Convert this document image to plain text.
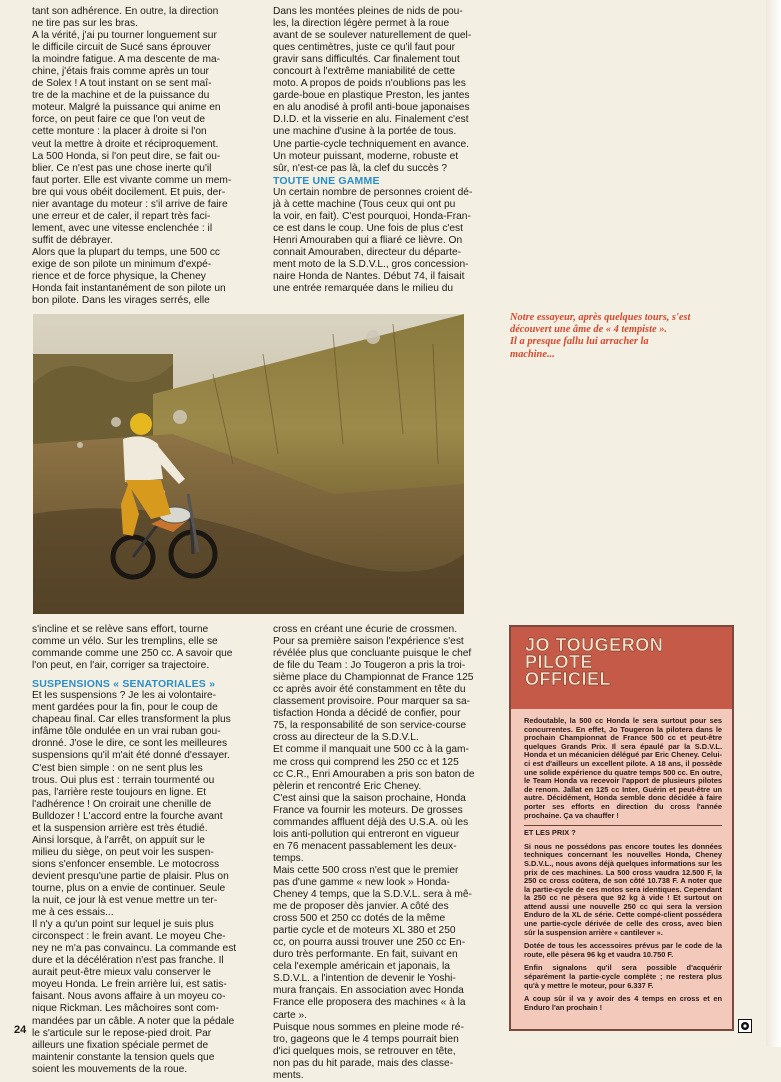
tant son adhérence. En outre, la direction
ne tire pas sur les bras.

A la vérité, j'ai pu tourner longuement sur
le difficile circuit de Sucé sans éprouver
la moindre fatigue. A ma descente de ma-
chine, j'étais frais comme après un tour
de Solex ! A tout instant on se sent maî-
tre de la machine et de la puissance du
moteur. Malgré la puissance qui anime en
force, on peut faire ce que l'on veut de
cette monture : la placer à droite si l'on
veut la mettre à droite et réciproquement.
La 500 Honda, si l'on peut dire, se fait ou-
blier. Ce n'est pas une chose inerte qu'il
faut porter. Elle est vivante comme un mem-
bre qui vous obéit docilement. Et puis, der-
nier avantage du moteur : s'il arrive de faire
une erreur et de caler, il repart très faci-
lement, avec une vitesse enclenchée : il
suffit de débrayer.

Alors que la plupart du temps, une 500 cc
exige de son pilote un minimum d'expé-
rience et de force physique, la Cheney
Honda fait instantanément de son pilote un
bon pilote. Dans les virages serrés, elle

Dans les montées pleines de nids de pou-
les, la direction légère permet à la roue
avant de se soulever naturellement de quel-
ques centimètres, juste ce qu'il faut pour
gravir sans difficultés. Car finalement tout
concourt à l'extrême maniabilité de cette
moto. A propos de poids n'oublions pas les
garde-boue en plastique Preston, les jantes
en alu anodisé à profil anti-boue japonaises
D.I.D. et la visserie en alu. Finalement c'est
une machine d'usine à la portée de tous.
Une partie-cycle techniquement en avance.
Un moteur puissant, moderne, robuste et
sûr, n'est-ce pas là, la clef du succès ?

TOUTE UNE GAMME

Un certain nombre de personnes croient dé-
jà à cette machine (Tous ceux qui ont pu
la voir, en fait). C'est pourquoi, Honda-Fran-
ce est dans le coup. Une fois de plus c'est
Henri Amouraben qui a fliaré ce lièvre. On
connait Amouraben, directeur du départe-
ment moto de la S.D.V.L., gros concession-
naire Honda de Nantes. Début 74, il faisait
une entrée remarquée dans le milieu du

Notre essayeur, après quelques tours, s'est
découvert une âme de « 4 tempiste ».
Il a presque fallu lui arracher la
machine...

s'incline et se relève sans effort, tourne
comme un vélo. Sur les tremplins, elle se
commande comme une 250 cc. A savoir que
l'on peut, en l'air, corriger sa trajectoire.

SUSPENSIONS « SENATORIALES »

Et les suspensions ? Je les ai volontaire-
ment gardées pour la fin, pour le coup de
chapeau final. Car elles transforment la plus
infâme tôle ondulée en un vrai ruban gou-
dronné. J'ose le dire, ce sont les meilleures
suspensions qu'il m'ait été donné d'essayer.
C'est bien simple : on ne sent plus les
trous. Oui plus est : terrain tourmenté ou
pas, l'arrière reste toujours en ligne. Et
l'adhérence ! On croirait une chenille de
Bulldozer ! L'accord entre la fourche avant
et la suspension arrière est très étudié.
Ainsi lorsque, à l'arrêt, on appuit sur le
milieu du siège, on peut voir les suspen-
sions s'enfoncer ensemble. Le motocross
devient presqu'une partie de plaisir. Plus on
tourne, plus on a envie de continuer. Seule
la nuit, ce jour là est venue mettre un ter-
me à ces essais...

Il n'y a qu'un point sur lequel je suis plus
circonspect : le frein avant. Le moyeu Che-
ney ne m'a pas convaincu. La commande est
dure et la décélération n'est pas franche. Il
aurait peut-être mieux valu conserver le
moyeu Honda. Le frein arrière lui, est satis-
faisant. Nous avons affaire à un moyeu co-
nique Rickman. Les mâchoires sont com-
mandées par un câble. A noter que la pédale
le s'articule sur le repose-pied droit. Par
ailleurs une fixation spéciale permet de
maintenir constante la tension quels que
soient les mouvements de la roue.

cross en créant une écurie de crossmen.
Pour sa première saison l'expérience s'est
révélée plus que concluante puisque le chef
de file du Team : Jo Tougeron a pris la troi-
sième place du Championnat de France 125
cc après avoir été constamment en tête du
classement provisoire. Pour marquer sa sa-
tisfaction Honda a décidé de confier, pour
75, la responsabilité de son service-course
cross au directeur de la S.D.V.L.

Et comme il manquait une 500 cc à la gam-
me cross qui comprend les 250 cc et 125
cc C.R., Enri Amouraben a pris son baton de
pèlerin et rencontré Eric Cheney.

C'est ainsi que la saison prochaine, Honda
France va fournir les moteurs. De grosses
commandes affluent déjà des U.S.A. où les
lois anti-pollution qui entreront en vigueur
en 76 menacent passablement les deux-
temps.

Mais cette 500 cross n'est que le premier
pas d'une gamme « new look » Honda-
Cheney 4 temps, que la S.D.V.L. sera à mê-
me de proposer dès janvier. A côté des
cross 500 et 250 cc dotés de la même
partie cycle et de moteurs XL 380 et 250
cc, on pourra aussi trouver une 250 cc En-
duro très performante. En fait, suivant en
cela l'exemple américain et japonais, la
S.D.V.L. a l'intention de devenir le Yoshi-
mura français. En association avec Honda
France elle proposera des machines « à la
carte ».

Puisque nous sommes en pleine mode ré-
tro, gageons que le 4 temps pourrait bien
d'ici quelques mois, se retrouver en tête,
non pas du hit parade, mais des classe-
ments.

JO TOUGERON
PILOTE
OFFICIEL

Redoutable, la 500 cc Honda le sera surtout pour ses concurrentes. En effet, Jo Tougeron la pilotera dans le prochain Championnat de France 500 cc et peut-être quelques Grands Prix. Il sera épaulé par la S.D.V.L. Honda et un mécanicien délégué par Eric Cheney. Celui-ci est d'ailleurs un excellent pilote. A 18 ans, il possède une solide expérience du quatre temps 500 cc. En outre, le Team Honda va recevoir l'apport de plusieurs pilotes de renom. Jallat en 125 cc Inter, Guérin et peut-être un autre. Décidément, Honda semble donc décidée à faire porter ses efforts en direction du cross l'année prochaine. Ça va chauffer !

ET LES PRIX ?

Si nous ne possédons pas encore toutes les données techniques concernant les nouvelles Honda, Cheney S.D.V.L., nous avons déjà quelques informations sur les prix de ces machines. La 500 cross vaudra 12.500 F, la 250 cc cross coûtera, de son côté 10.738 F. A noter que la partie-cycle de ces motos sera identiques. Cependant la 250 cc ne pèsera que 92 kg à vide ! Et surtout on attend aussi une nouvelle 250 cc qui sera la version Enduro de la XL de série. Cette compé-client possédera une partie-cycle dérivée de celle des cross, avec bien sûr la suspension arrière « cantilever ».

Dotée de tous les accessoires prévus par le code de la route, elle pèsera 96 kg et vaudra 10.750 F.

Enfin signalons qu'il sera possible d'acquérir séparément la partie-cycle complète ; ne restera plus qu'à y mettre le moteur, pour 6.337 F.

A coup sûr il va y avoir des 4 temps en cross et en Enduro l'an prochain !

24
